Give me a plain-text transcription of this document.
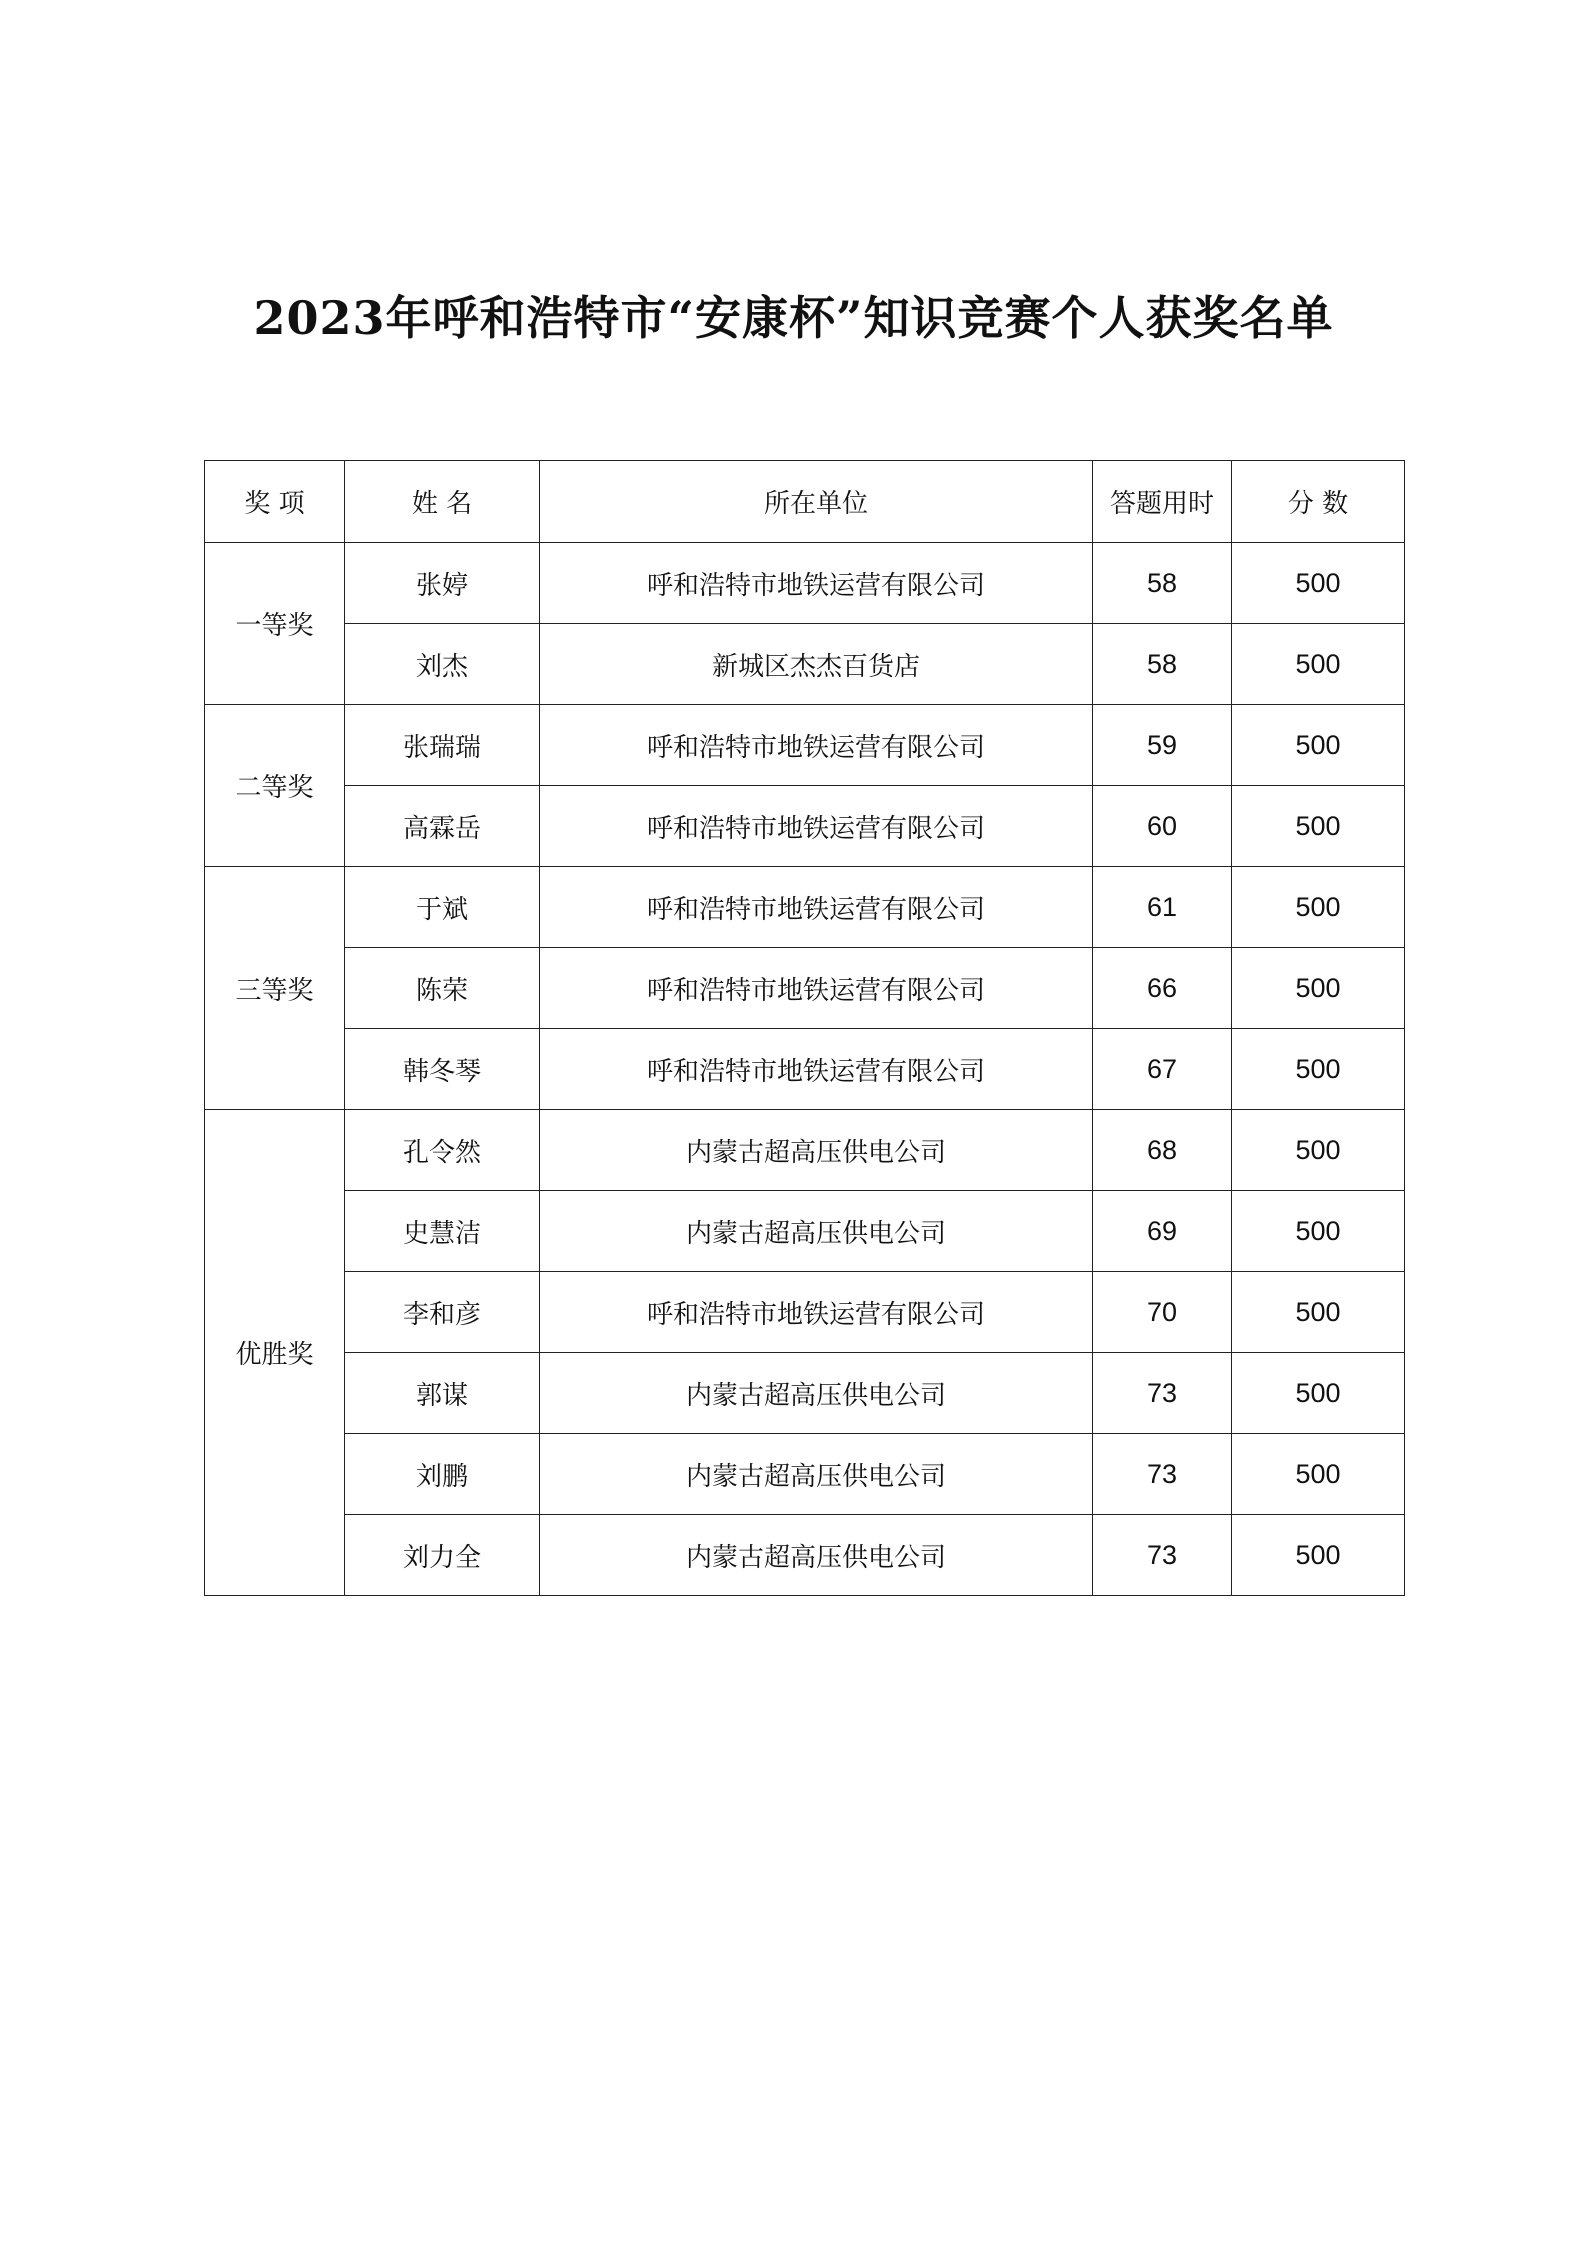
2023年呼和浩特市“安康杯”知识竞赛个人获奖名单
奖 项	姓 名	所在单位	答题用时	分 数
一等奖	张婷	呼和浩特市地铁运营有限公司	58	500
	刘杰	新城区杰杰百货店	58	500
二等奖	张瑞瑞	呼和浩特市地铁运营有限公司	59	500
	高霖岳	呼和浩特市地铁运营有限公司	60	500
三等奖	于斌	呼和浩特市地铁运营有限公司	61	500
	陈荣	呼和浩特市地铁运营有限公司	66	500
	韩冬琴	呼和浩特市地铁运营有限公司	67	500
优胜奖	孔令然	内蒙古超高压供电公司	68	500
	史慧洁	内蒙古超高压供电公司	69	500
	李和彦	呼和浩特市地铁运营有限公司	70	500
	郭谋	内蒙古超高压供电公司	73	500
	刘鹏	内蒙古超高压供电公司	73	500
	刘力全	内蒙古超高压供电公司	73	500
